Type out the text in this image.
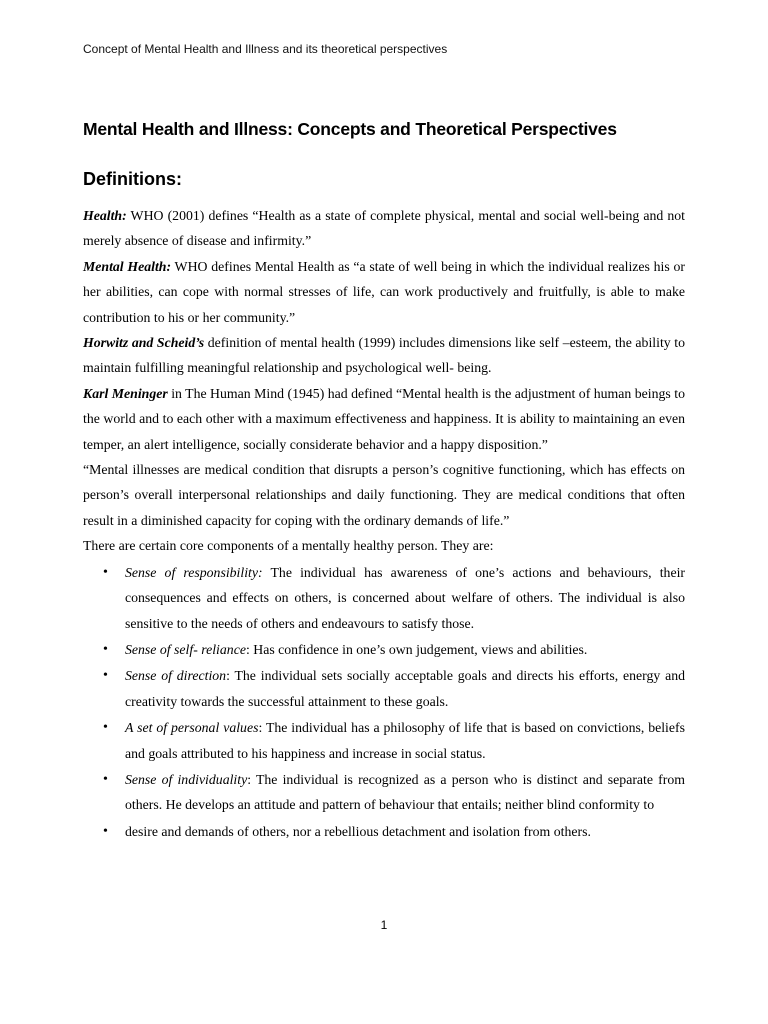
Concept of Mental Health and Illness and its theoretical perspectives
Mental Health and Illness: Concepts and Theoretical Perspectives
Definitions:

Health: WHO (2001) defines “Health as a state of complete physical, mental and social well-being and not merely absence of disease and infirmity.”

Mental Health: WHO defines Mental Health as “a state of well being in which the individual realizes his or her abilities, can cope with normal stresses of life, can work productively and fruitfully, is able to make contribution to his or her community.”

Horwitz and Scheid’s definition of mental health (1999) includes dimensions like self –esteem, the ability to maintain fulfilling meaningful relationship and psychological well- being.

Karl Meninger in The Human Mind (1945) had defined “Mental health is the adjustment of human beings to the world and to each other with a maximum effectiveness and happiness. It is ability to maintaining an even temper, an alert intelligence, socially considerate behavior and a happy disposition.”

“Mental illnesses are medical condition that disrupts a person’s cognitive functioning, which has effects on person’s overall interpersonal relationships and daily functioning. They are medical conditions that often result in a diminished capacity for coping with the ordinary demands of life.”

There are certain core components of a mentally healthy person. They are:

• Sense of responsibility: The individual has awareness of one’s actions and behaviours, their consequences and effects on others, is concerned about welfare of others. The individual is also sensitive to the needs of others and endeavours to satisfy those.
• Sense of self- reliance: Has confidence in one’s own judgement, views and abilities.
• Sense of direction: The individual sets socially acceptable goals and directs his efforts, energy and creativity towards the successful attainment to these goals.
• A set of personal values: The individual has a philosophy of life that is based on convictions, beliefs and goals attributed to his happiness and increase in social status.
• Sense of individuality: The individual is recognized as a person who is distinct and separate from others. He develops an attitude and pattern of behaviour that entails; neither blind conformity to
• desire and demands of others, nor a rebellious detachment and isolation from others.
1
